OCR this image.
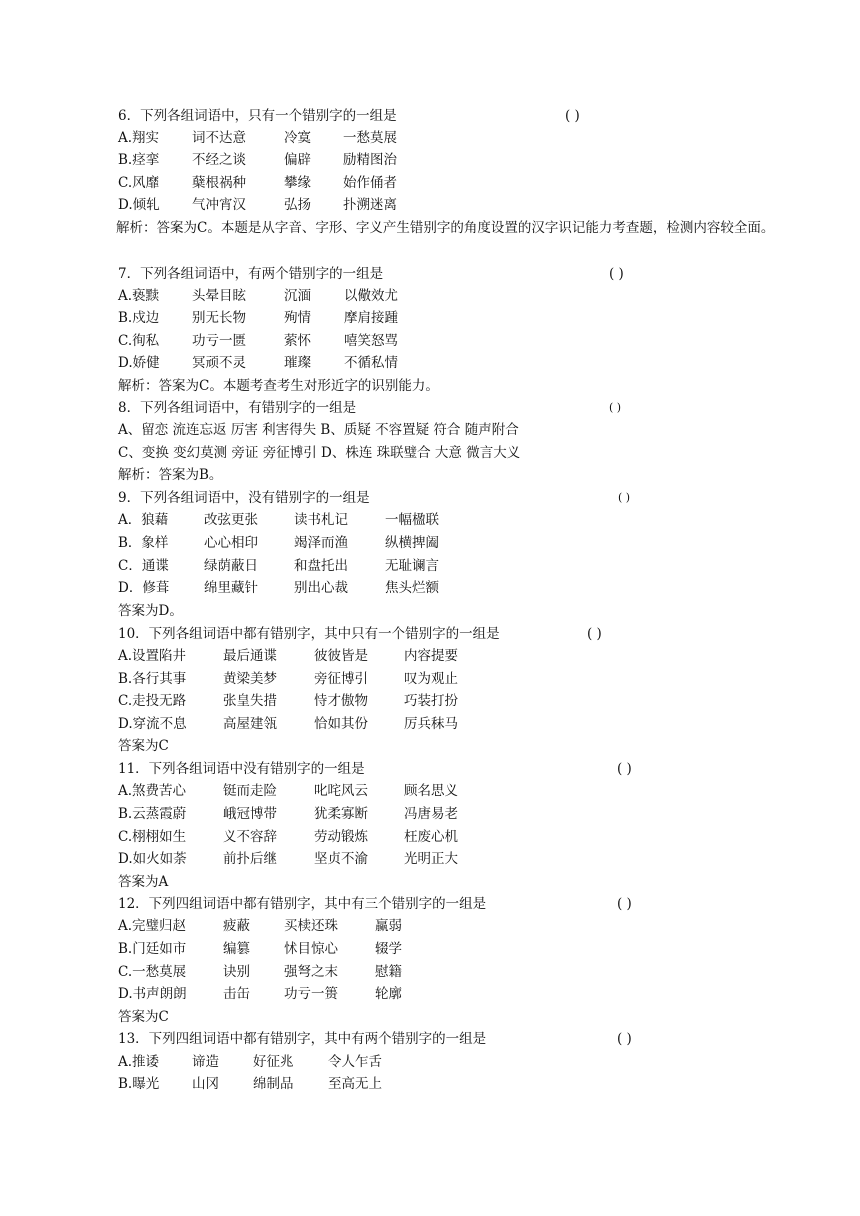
6．下列各组词语中，只有一个错别字的一组是	( )
A.翔实 词不达意	冷寞 一愁莫展
B.痉挛 不经之谈	偏辟 励精图治
C.风靡 蘖根祸种	攀缘 始作俑者
D.倾轧 气冲宵汉	弘扬 扑溯迷离
解析：答案为C。本题是从字音、字形、字义产生错别字的角度设置的汉字识记能力考查题，检测内容较全面。
7．下列各组词语中，有两个错别字的一组是	( )
A.亵黩 头晕目眩	沉湎 以儆效尤
B.戍边 别无长物	殉情 摩肩接踵
C.徇私 功亏一匮	萦怀 嘻笑怒骂
D.娇健 冥顽不灵	璀璨 不循私情
解析：答案为C。本题考查考生对形近字的识别能力。
8．下列各组词语中，有错别字的一组是	( )
A、留恋 流连忘返 厉害 利害得失 B、质疑 不容置疑 符合 随声附合
C、变换 变幻莫测 旁证 旁征博引 D、株连 珠联璧合 大意 微言大义
解析：答案为B。
9．下列各组词语中，没有错别字的一组是	( )
A．狼藉	改弦更张	读书札记	一幅楹联
B．象样	心心相印	竭泽而渔	纵横捭阖
C．通谍	绿荫蔽日	和盘托出	无耻谰言
D．修葺	绵里藏针	别出心裁	焦头烂额
答案为D。
10．下列各组词语中都有错别字，其中只有一个错别字的一组是	( )
A.设置陷井	最后通谍	彼彼皆是	内容提要
B.各行其事	黄梁美梦	旁征博引	叹为观止
C.走投无路	张皇失措	恃才傲物	巧装打扮
D.穿流不息	高屋建瓴	恰如其份	厉兵秣马
答案为C
11．下列各组词语中没有错别字的一组是	( )
A.煞费苦心	铤而走险	叱咤风云	顾名思义
B.云蒸霞蔚	峨冠博带	犹柔寡断	冯唐易老
C.栩栩如生	义不容辞	劳动锻炼	枉废心机
D.如火如荼	前扑后继	坚贞不渝	光明正大
答案为A
12．下列四组词语中都有错别字，其中有三个错别字的一组是	( )
A.完璧归赵	疲蔽	买椟还珠	赢弱
B.门廷如市	编篡	怵目惊心	辍学
C.一愁莫展	诀别	强弩之末	慰籍
D.书声朗朗	击缶	功亏一篑	轮廓
答案为C
13．下列四组词语中都有错别字，其中有两个错别字的一组是	( )
A.推诿 谛造	好征兆	令人乍舌
B.曝光 山冈	绵制品	至高无上
